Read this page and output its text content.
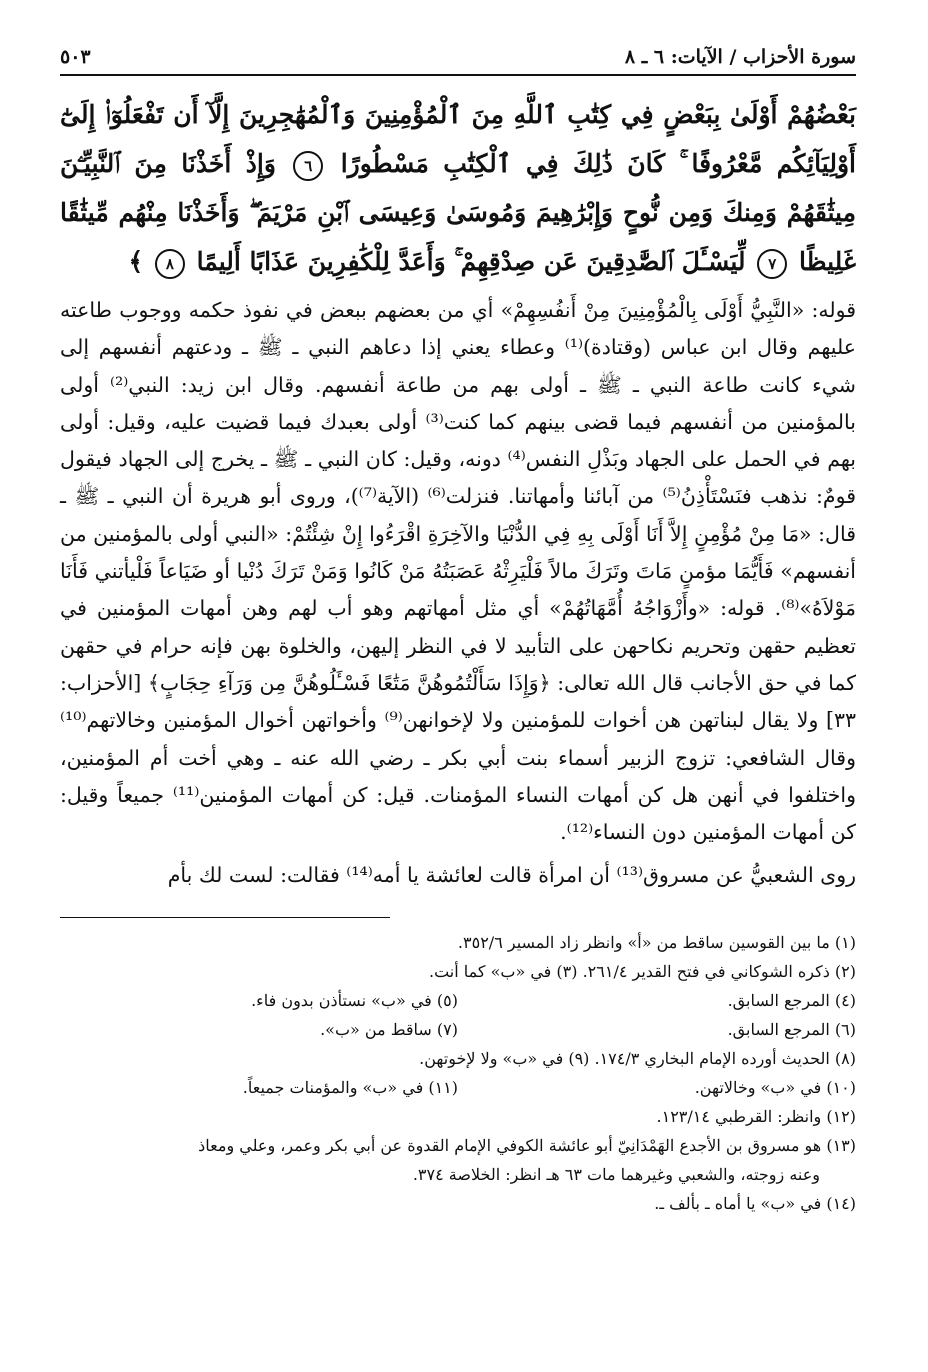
سورة الأحزاب / الآيات: ٦ ـ ٨
٥٠٣
بَعْضُهُمْ أَوْلَىٰ بِبَعْضٍ فِي كِتَٰبِ ٱللَّهِ مِنَ ٱلْمُؤْمِنِينَ وَٱلْمُهَٰجِرِينَ إِلَّآ أَن تَفْعَلُوٓا۟ إِلَىٰٓ أَوْلِيَآئِكُم مَّعْرُوفًا ۚ كَانَ ذَٰلِكَ فِي ٱلْكِتَٰبِ مَسْطُورًا ٦ وَإِذْ أَخَذْنَا مِنَ ٱلنَّبِيِّـۧنَ مِيثَٰقَهُمْ وَمِنكَ وَمِن نُّوحٍ وَإِبْرَٰهِيمَ وَمُوسَىٰ وَعِيسَى ٱبْنِ مَرْيَمَ ۖ وَأَخَذْنَا مِنْهُم مِّيثَٰقًا غَلِيظًا ٧ لِّيَسْـَٔلَ ٱلصَّٰدِقِينَ عَن صِدْقِهِمْ ۚ وَأَعَدَّ لِلْكَٰفِرِينَ عَذَابًا أَلِيمًا ٨ ﴾

قوله: «النَّبِيُّ أَوْلَى بِالْمُؤْمِنِينَ مِنْ أَنفُسِهِمْ» أي من بعضهم ببعض في نفوذ حكمه ووجوب طاعته عليهم وقال ابن عباس (وقتادة)⁽¹⁾ وعطاء يعني إذا دعاهم النبي ـ ﷺ ـ ودعتهم أنفسهم إلى شيء كانت طاعة النبي ـ ﷺ ـ أولى بهم من طاعة أنفسهم. وقال ابن زيد: النبي⁽²⁾ أولى بالمؤمنين من أنفسهم فيما قضى بينهم كما كنت⁽³⁾ أولى بعبدك فيما قضيت عليه، وقيل: أولى بهم في الحمل على الجهاد وبَذْلِ النفس⁽⁴⁾ دونه، وقيل: كان النبي ـ ﷺ ـ يخرج إلى الجهاد فيقول قومٌ: نذهب فنَسْتَأْذِنُ⁽⁵⁾ من آبائنا وأمهاتنا. فنزلت⁽⁶⁾ (الآية⁽⁷⁾)، وروى أبو هريرة أن النبي ـ ﷺ ـ قال: «مَا مِنْ مُؤْمِنٍ إِلاَّ أَنَا أَوْلَى بِهِ فِي الدُّنْيَا والآخِرَةِ اقْرَءُوا إِنْ شِئْتُمْ: «النبي أولى بالمؤمنين من أنفسهم» فَأَيُّمَا مؤمنٍ مَاتَ وتَرَكَ مالاً فَلْيَرِثْهُ عَصَبَتُهُ مَنْ كَانُوا وَمَنْ تَرَكَ دُنْيا أو ضَيَاعاً فَلْيأتني فَأَنَا مَوْلاَهُ»⁽⁸⁾. قوله: «وأَزْوَاجُهُ أُمَّهَاتُهُمْ» أي مثل أمهاتهم وهو أب لهم وهن أمهات المؤمنين في تعظيم حقهن وتحريم نكاحهن على التأبيد لا في النظر إليهن، والخلوة بهن فإنه حرام في حقهن كما في حق الأجانب قال الله تعالى: ﴿وَإِذَا سَأَلْتُمُوهُنَّ مَتَٰعًا فَسْـَٔلُوهُنَّ مِن وَرَآءِ حِجَابٍ﴾ [الأحزاب: ٣٣] ولا يقال لبناتهن هن أخوات للمؤمنين ولا لإخوانهن⁽⁹⁾ وأخواتهن أخوال المؤمنين وخالاتهم⁽¹⁰⁾ وقال الشافعي: تزوج الزبير أسماء بنت أبي بكر ـ رضي الله عنه ـ وهي أخت أم المؤمنين، واختلفوا في أنهن هل كن أمهات النساء المؤمنات. قيل: كن أمهات المؤمنين⁽¹¹⁾ جميعاً وقيل: كن أمهات المؤمنين دون النساء⁽¹²⁾.

روى الشعبيُّ عن مسروق⁽¹³⁾ أن امرأة قالت لعائشة يا أمه⁽¹⁴⁾ فقالت: لست لك بأم

(١) ما بين القوسين ساقط من «أ» وانظر زاد المسير ٣٥٢/٦.

(٢) ذكره الشوكاني في فتح القدير ٢٦١/٤. (٣) في «ب» كما أنت.

(٤) المرجع السابق.
(٥) في «ب» نستأذن بدون فاء.
(٦) المرجع السابق.
(٧) ساقط من «ب».

(٨) الحديث أورده الإمام البخاري ١٧٤/٣. (٩) في «ب» ولا لإخوتهن.

(١٠) في «ب» وخالاتهن.
(١١) في «ب» والمؤمنات جميعاً.

(١٢) وانظر: القرطبي ١٢٣/١٤.

(١٣) هو مسروق بن الأجدع الهَمْدَانِيّ أبو عائشة الكوفي الإمام القدوة عن أبي بكر وعمر، وعلي ومعاذ

وعنه زوجته، والشعبي وغيرهما مات ٦٣ هـ انظر: الخلاصة ٣٧٤.

(١٤) في «ب» يا أماه ـ بألف ـ.
